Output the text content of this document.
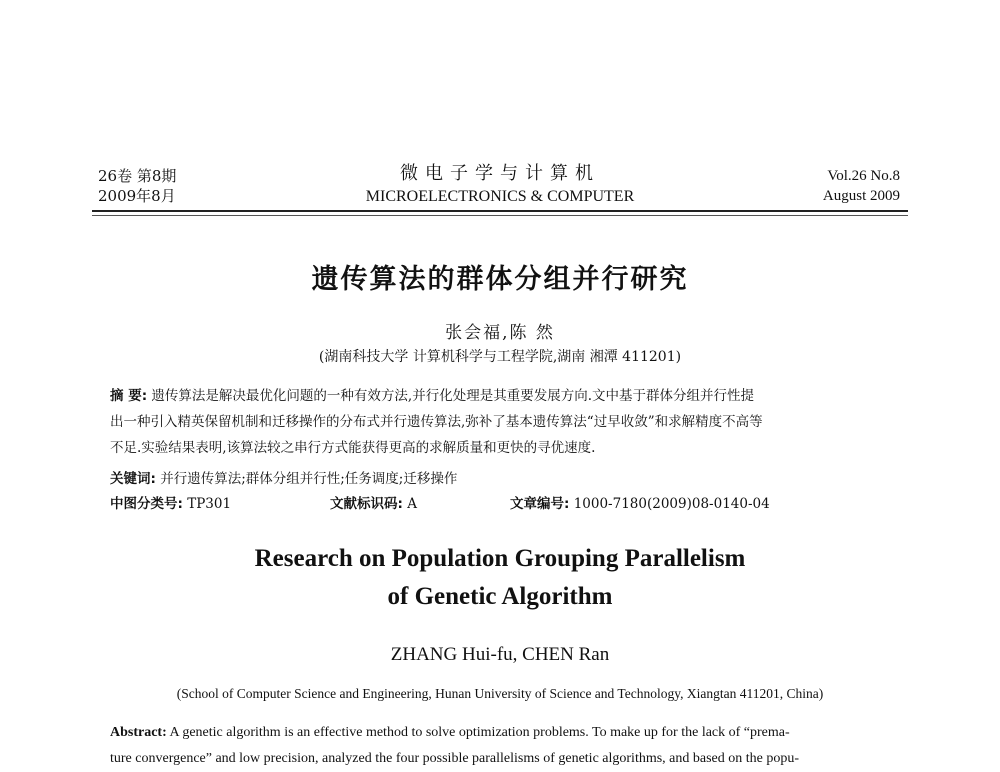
26卷 第8期
2009年8月
微电子学与计算机
MICROELECTRONICS & COMPUTER
Vol.26 No.8
August 2009
遗传算法的群体分组并行研究
张会福,陈 然
(湖南科技大学 计算机科学与工程学院,湖南 湘潭 411201)
摘 要: 遗传算法是解决最优化问题的一种有效方法,并行化处理是其重要发展方向.文中基于群体分组并行性提
出一种引入精英保留机制和迁移操作的分布式并行遗传算法,弥补了基本遗传算法“过早收敛”和求解精度不高等
不足.实验结果表明,该算法较之串行方式能获得更高的求解质量和更快的寻优速度.
关键词: 并行遗传算法;群体分组并行性;任务调度;迁移操作
中图分类号: TP301	文献标识码: A	文章编号: 1000-7180(2009)08-0140-04
Research on Population Grouping Parallelism
of Genetic Algorithm
ZHANG Hui-fu, CHEN Ran
(School of Computer Science and Engineering, Hunan University of Science and Technology, Xiangtan 411201, China)
Abstract: A genetic algorithm is an effective method to solve optimization problems. To make up for the lack of “prema-
ture convergence” and low precision, analyzed the four possible parallelisms of genetic algorithms, and based on the popu-
